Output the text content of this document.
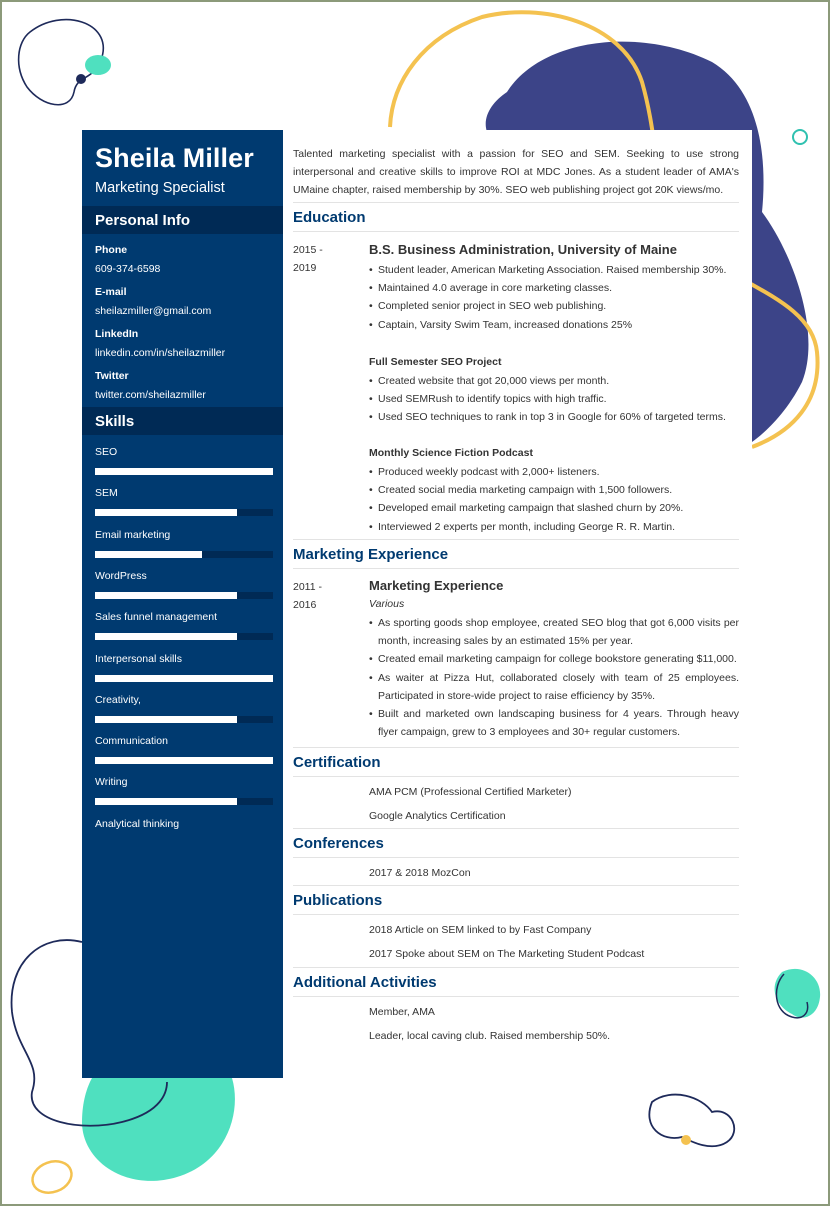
Sheila Miller
Marketing Specialist
Personal Info
Phone
609-374-6598
E-mail
sheilazmiller@gmail.com
LinkedIn
linkedin.com/in/sheilazmiller
Twitter
twitter.com/sheilazmiller
Skills
SEO
SEM
Email marketing
WordPress
Sales funnel management
Interpersonal skills
Creativity,
Communication
Writing
Analytical thinking
Talented marketing specialist with a passion for SEO and SEM. Seeking to use strong interpersonal and creative skills to improve ROI at MDC Jones. As a student leader of AMA's UMaine chapter, raised membership by 30%. SEO web publishing project got 20K views/mo.
Education
2015 -
2019
B.S. Business Administration, University of Maine
• Student leader, American Marketing Association. Raised membership 30%.
• Maintained 4.0 average in core marketing classes.
• Completed senior project in SEO web publishing.
• Captain, Varsity Swim Team, increased donations 25%
Full Semester SEO Project
• Created website that got 20,000 views per month.
• Used SEMRush to identify topics with high traffic.
• Used SEO techniques to rank in top 3 in Google for 60% of targeted terms.
Monthly Science Fiction Podcast
• Produced weekly podcast with 2,000+ listeners.
• Created social media marketing campaign with 1,500 followers.
• Developed email marketing campaign that slashed churn by 20%.
• Interviewed 2 experts per month, including George R. R. Martin.
Marketing Experience
2011 -
2016
Marketing Experience
Various
• As sporting goods shop employee, created SEO blog that got 6,000 visits per month, increasing sales by an estimated 15% per year.
• Created email marketing campaign for college bookstore generating $11,000.
• As waiter at Pizza Hut, collaborated closely with team of 25 employees. Participated in store-wide project to raise efficiency by 35%.
• Built and marketed own landscaping business for 4 years. Through heavy flyer campaign, grew to 3 employees and 30+ regular customers.
Certification
AMA PCM (Professional Certified Marketer)
Google Analytics Certification
Conferences
2017 & 2018 MozCon
Publications
2018 Article on SEM linked to by Fast Company
2017 Spoke about SEM on The Marketing Student Podcast
Additional Activities
Member, AMA
Leader, local caving club. Raised membership 50%.
